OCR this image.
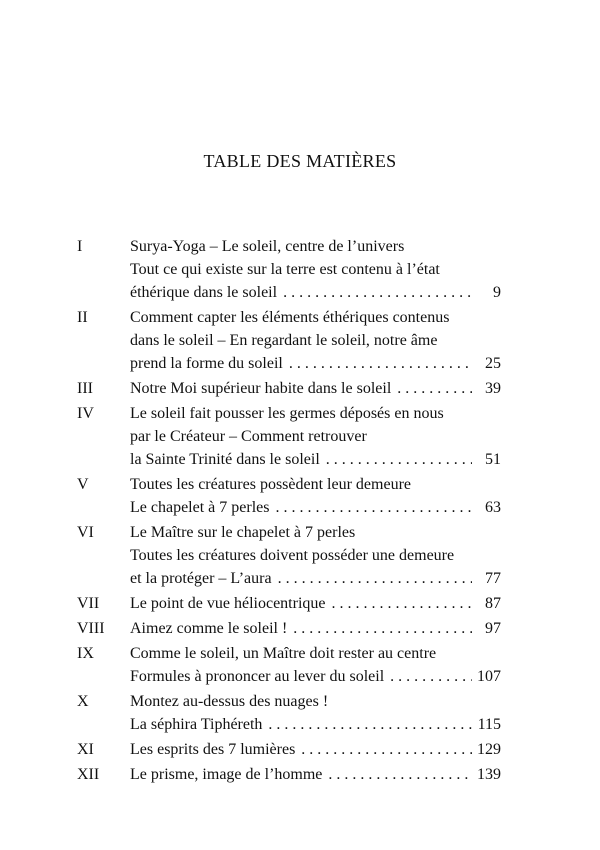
TABLE DES MATIÈRES
I	Surya-Yoga – Le soleil, centre de l’univers
Tout ce qui existe sur la terre est contenu à l’état
éthérique dans le soleil . . .	9
II	Comment capter les éléments éthériques contenus
dans le soleil – En regardant le soleil, notre âme
prend la forme du soleil . . .	25
III Notre Moi supérieur habite dans le soleil . . .	39
IV Le soleil fait pousser les germes déposés en nous
par le Créateur – Comment retrouver
la Sainte Trinité dans le soleil . . .	51
V	Toutes les créatures possèdent leur demeure
Le chapelet à 7 perles . . .	63
VI Le Maître sur le chapelet à 7 perles
Toutes les créatures doivent posséder une demeure
et la protéger – L’aura . . .	77
VII Le point de vue héliocentrique . . .	87
VIII Aimez comme le soleil ! . . .	97
IX Comme le soleil, un Maître doit rester au centre
Formules à prononcer au lever du soleil . . .	107
X	Montez au-dessus des nuages !
La séphira Tiphéreth . . .	115
XI Les esprits des 7 lumières . . .	129
XII Le prisme, image de l’homme . . .	139
